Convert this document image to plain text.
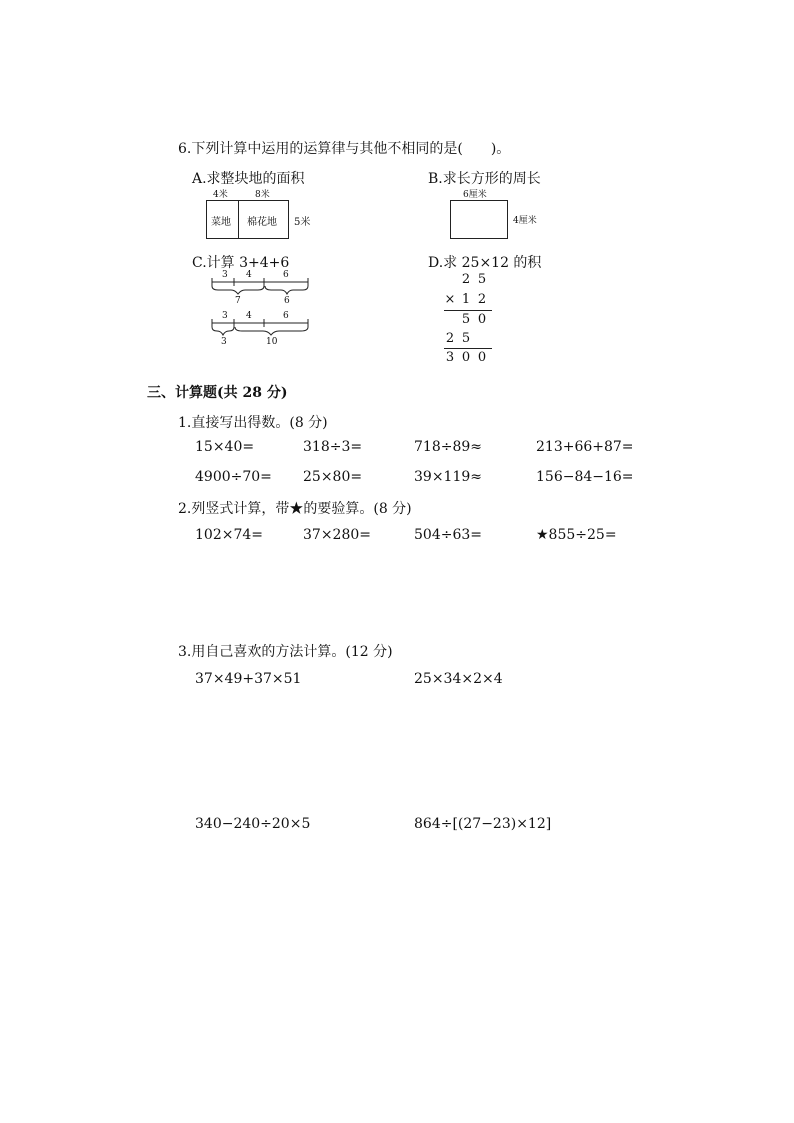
6.下列计算中运用的运算律与其他不相同的是(　　)。
A.求整块地的面积
4米	8米
菜地 棉花地 5米
B.求长方形的周长
6厘米
4厘米
C.计算 3+4+6
3 4	6
7	6
3 4	6
3	10
D.求 25×12 的积
2 5
× 1 2
5 0
2 5
3 0 0
三、计算题(共 28 分)
1.直接写出得数。(8 分)
15×40=	318÷3=	718÷89≈	213+66+87=
4900÷70= 25×80=	39×119≈	156−84−16=
2.列竖式计算，带★的要验算。(8 分)
102×74=	37×280=	504÷63=	★855÷25=
3.用自己喜欢的方法计算。(12 分)
37×49+37×51	25×34×2×4
340−240÷20×5	864÷[(27−23)×12]
